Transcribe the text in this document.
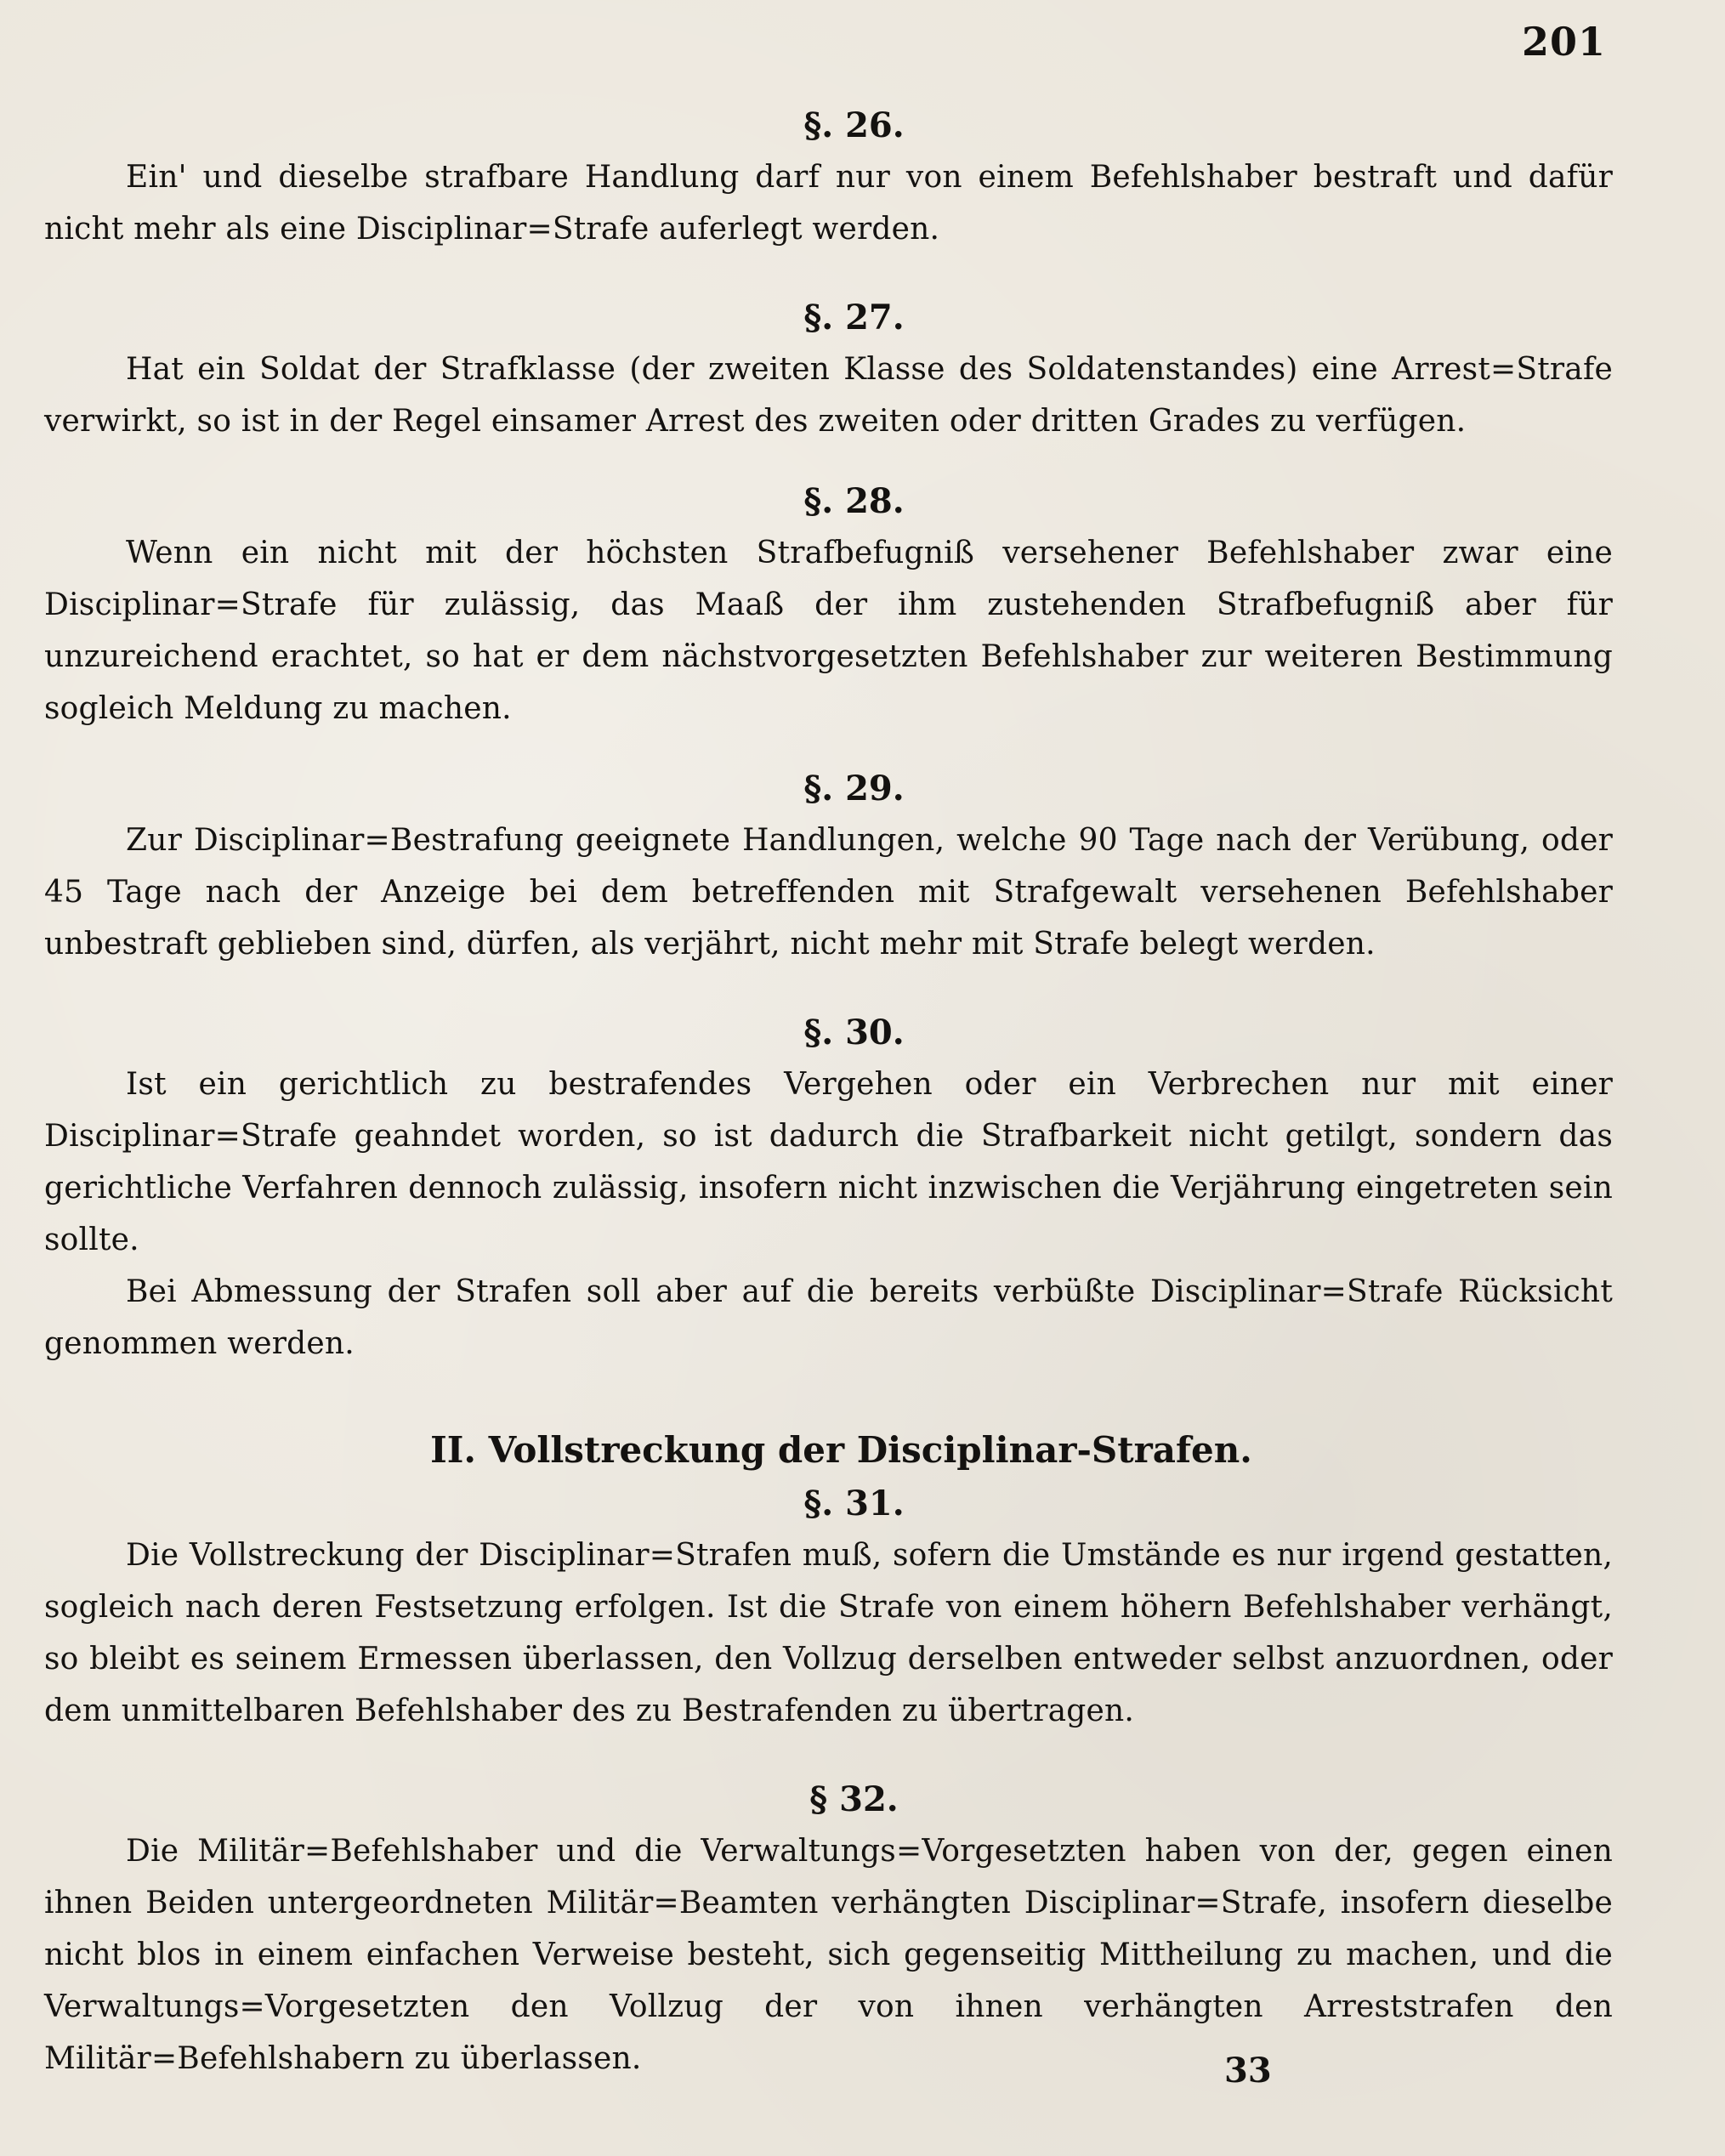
201
§. 26.

Ein' und dieselbe strafbare Handlung darf nur von einem Befehlshaber bestraft und dafür nicht mehr als eine Disciplinar=Strafe auferlegt werden.

§. 27.

Hat ein Soldat der Strafklasse (der zweiten Klasse des Soldatenstandes) eine Arrest=Strafe verwirkt, so ist in der Regel einsamer Arrest des zweiten oder dritten Grades zu verfügen.

§. 28.

Wenn ein nicht mit der höchsten Strafbefugniß versehener Befehlshaber zwar eine Disciplinar=Strafe für zulässig, das Maaß der ihm zustehenden Strafbefugniß aber für unzureichend erachtet, so hat er dem nächstvorgesetzten Befehlshaber zur weiteren Bestimmung sogleich Meldung zu machen.

§. 29.

Zur Disciplinar=Bestrafung geeignete Handlungen, welche 90 Tage nach der Verübung, oder 45 Tage nach der Anzeige bei dem betreffenden mit Strafgewalt versehenen Befehlshaber unbestraft geblieben sind, dürfen, als verjährt, nicht mehr mit Strafe belegt werden.

§. 30.

Ist ein gerichtlich zu bestrafendes Vergehen oder ein Verbrechen nur mit einer Disciplinar=Strafe geahndet worden, so ist dadurch die Strafbarkeit nicht getilgt, sondern das gerichtliche Verfahren dennoch zulässig, insofern nicht inzwischen die Verjährung eingetreten sein sollte.

Bei Abmessung der Strafen soll aber auf die bereits verbüßte Disciplinar=Strafe Rücksicht genommen werden.

II. Vollstreckung der Disciplinar-Strafen.
§. 31.

Die Vollstreckung der Disciplinar=Strafen muß, sofern die Umstände es nur irgend gestatten, sogleich nach deren Festsetzung erfolgen. Ist die Strafe von einem höhern Befehlshaber verhängt, so bleibt es seinem Ermessen überlassen, den Vollzug derselben entweder selbst anzuordnen, oder dem unmittelbaren Befehlshaber des zu Bestrafenden zu übertragen.

§ 32.

Die Militär=Befehlshaber und die Verwaltungs=Vorgesetzten haben von der, gegen einen ihnen Beiden untergeordneten Militär=Beamten verhängten Disciplinar=Strafe, insofern dieselbe nicht blos in einem einfachen Verweise besteht, sich gegenseitig Mittheilung zu machen, und die Verwaltungs=Vorgesetzten den Vollzug der von ihnen verhängten Arreststrafen den Militär=Befehlshabern zu überlassen.	33
